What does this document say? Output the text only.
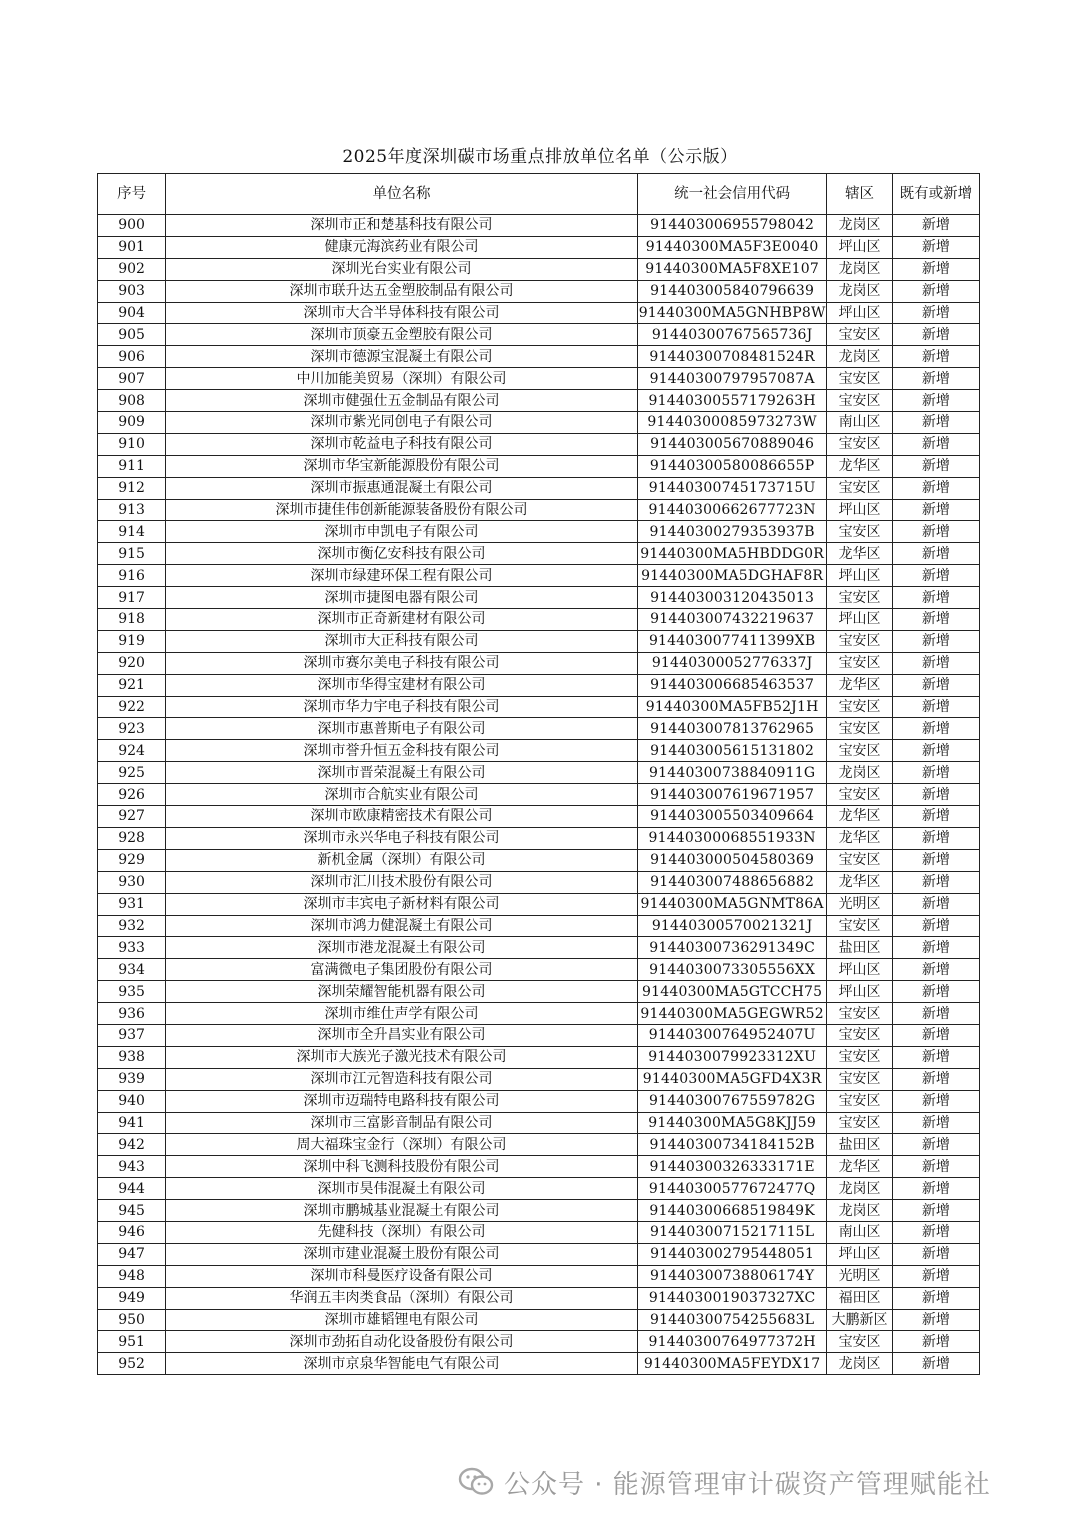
2025年度深圳碳市场重点排放单位名单（公示版）
序号	单位名称	统一社会信用代码	辖区	既有或新增
900	深圳市正和楚基科技有限公司	914403006955798042	龙岗区	新增
901	健康元海滨药业有限公司	91440300MA5F3E0040	坪山区	新增
902	深圳光台实业有限公司	91440300MA5F8XE107	龙岗区	新增
903	深圳市联升达五金塑胶制品有限公司	914403005840796639	龙岗区	新增
904	深圳市大合半导体科技有限公司	91440300MA5GNHBP8W	坪山区	新增
905	深圳市顶豪五金塑胶有限公司	91440300767565736J	宝安区	新增
906	深圳市德源宝混凝土有限公司	91440300708481524R	龙岗区	新增
907	中川加能美贸易（深圳）有限公司	91440300797957087A	宝安区	新增
908	深圳市健强仕五金制品有限公司	91440300557179263H	宝安区	新增
909	深圳市紫光同创电子有限公司	91440300085973273W	南山区	新增
910	深圳市乾益电子科技有限公司	914403005670889046	宝安区	新增
911	深圳市华宝新能源股份有限公司	91440300580086655P	龙华区	新增
912	深圳市振惠通混凝土有限公司	91440300745173715U	宝安区	新增
913	深圳市捷佳伟创新能源装备股份有限公司	91440300662677723N	坪山区	新增
914	深圳市申凯电子有限公司	91440300279353937B	宝安区	新增
915	深圳市衡亿安科技有限公司	91440300MA5HBDDG0R	龙华区	新增
916	深圳市绿建环保工程有限公司	91440300MA5DGHAF8R	坪山区	新增
917	深圳市捷图电器有限公司	914403003120435013	宝安区	新增
918	深圳市正奇新建材有限公司	914403007432219637	坪山区	新增
919	深圳市大正科技有限公司	9144030077411399XB	宝安区	新增
920	深圳市赛尔美电子科技有限公司	91440300052776337J	宝安区	新增
921	深圳市华得宝建材有限公司	914403006685463537	龙华区	新增
922	深圳市华力宇电子科技有限公司	91440300MA5FB52J1H	宝安区	新增
923	深圳市惠普斯电子有限公司	914403007813762965	宝安区	新增
924	深圳市誉升恒五金科技有限公司	914403005615131802	宝安区	新增
925	深圳市晋荣混凝土有限公司	91440300738840911G	龙岗区	新增
926	深圳市合航实业有限公司	914403007619671957	宝安区	新增
927	深圳市欧康精密技术有限公司	914403005503409664	龙华区	新增
928	深圳市永兴华电子科技有限公司	91440300068551933N	龙华区	新增
929	新机金属（深圳）有限公司	914403000504580369	宝安区	新增
930	深圳市汇川技术股份有限公司	914403007488656882	龙华区	新增
931	深圳市丰宾电子新材料有限公司	91440300MA5GNMT86A	光明区	新增
932	深圳市鸿力健混凝土有限公司	91440300570021321J	宝安区	新增
933	深圳市港龙混凝土有限公司	91440300736291349C	盐田区	新增
934	富满微电子集团股份有限公司	9144030073305556XX	坪山区	新增
935	深圳荣耀智能机器有限公司	91440300MA5GTCCH75	坪山区	新增
936	深圳市维仕声学有限公司	91440300MA5GEGWR52	宝安区	新增
937	深圳市全升昌实业有限公司	91440300764952407U	宝安区	新增
938	深圳市大族光子激光技术有限公司	9144030079923312XU	宝安区	新增
939	深圳市江元智造科技有限公司	91440300MA5GFD4X3R	宝安区	新增
940	深圳市迈瑞特电路科技有限公司	91440300767559782G	宝安区	新增
941	深圳市三富影音制品有限公司	91440300MA5G8KJJ59	宝安区	新增
942	周大福珠宝金行（深圳）有限公司	91440300734184152B	盐田区	新增
943	深圳中科飞测科技股份有限公司	91440300326333171E	龙华区	新增
944	深圳市昊伟混凝土有限公司	91440300577672477Q	龙岗区	新增
945	深圳市鹏城基业混凝土有限公司	91440300668519849K	龙岗区	新增
946	先健科技（深圳）有限公司	91440300715217115L	南山区	新增
947	深圳市建业混凝土股份有限公司	914403002795448051	坪山区	新增
948	深圳市科曼医疗设备有限公司	91440300738806174Y	光明区	新增
949	华润五丰肉类食品（深圳）有限公司	9144030019037327XC	福田区	新增
950	深圳市雄韬锂电有限公司	91440300754255683L	大鹏新区	新增
951	深圳市劲拓自动化设备股份有限公司	91440300764977372H	宝安区	新增
952	深圳市京泉华智能电气有限公司	91440300MA5FEYDX17	龙岗区	新增
公众号 · 能源管理审计碳资产管理赋能社
